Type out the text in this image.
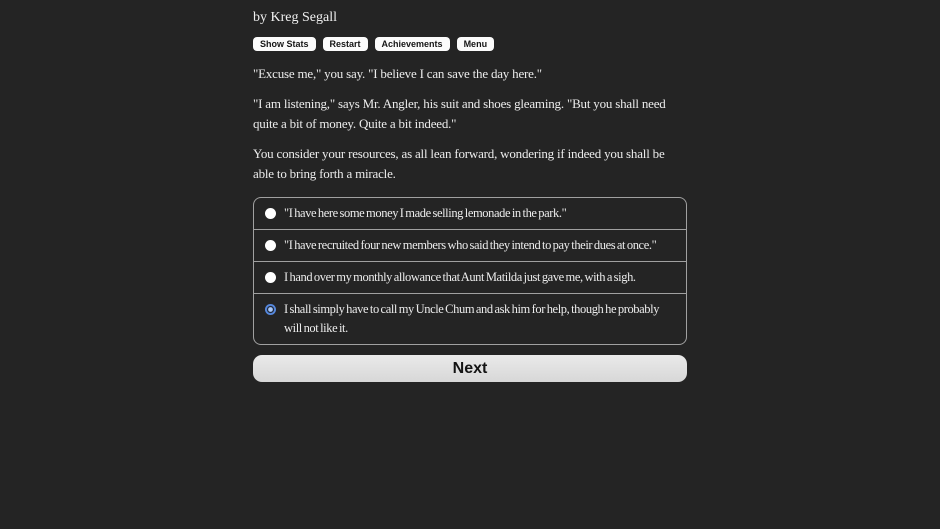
by Kreg Segall
Show Stats	Restart	Achievements	Menu

"Excuse me," you say. "I believe I can save the day here."

"I am listening," says Mr. Angler, his suit and shoes gleaming. "But you shall need quite a bit of money. Quite a bit indeed."

You consider your resources, as all lean forward, wondering if indeed you shall be able to bring forth a miracle.

"I have here some money I made selling lemonade in the park."
"I have recruited four new members who said they intend to pay their dues at once."
I hand over my monthly allowance that Aunt Matilda just gave me, with a sigh.
I shall simply have to call my Uncle Chum and ask him for help, though he probably will not like it.
Next
